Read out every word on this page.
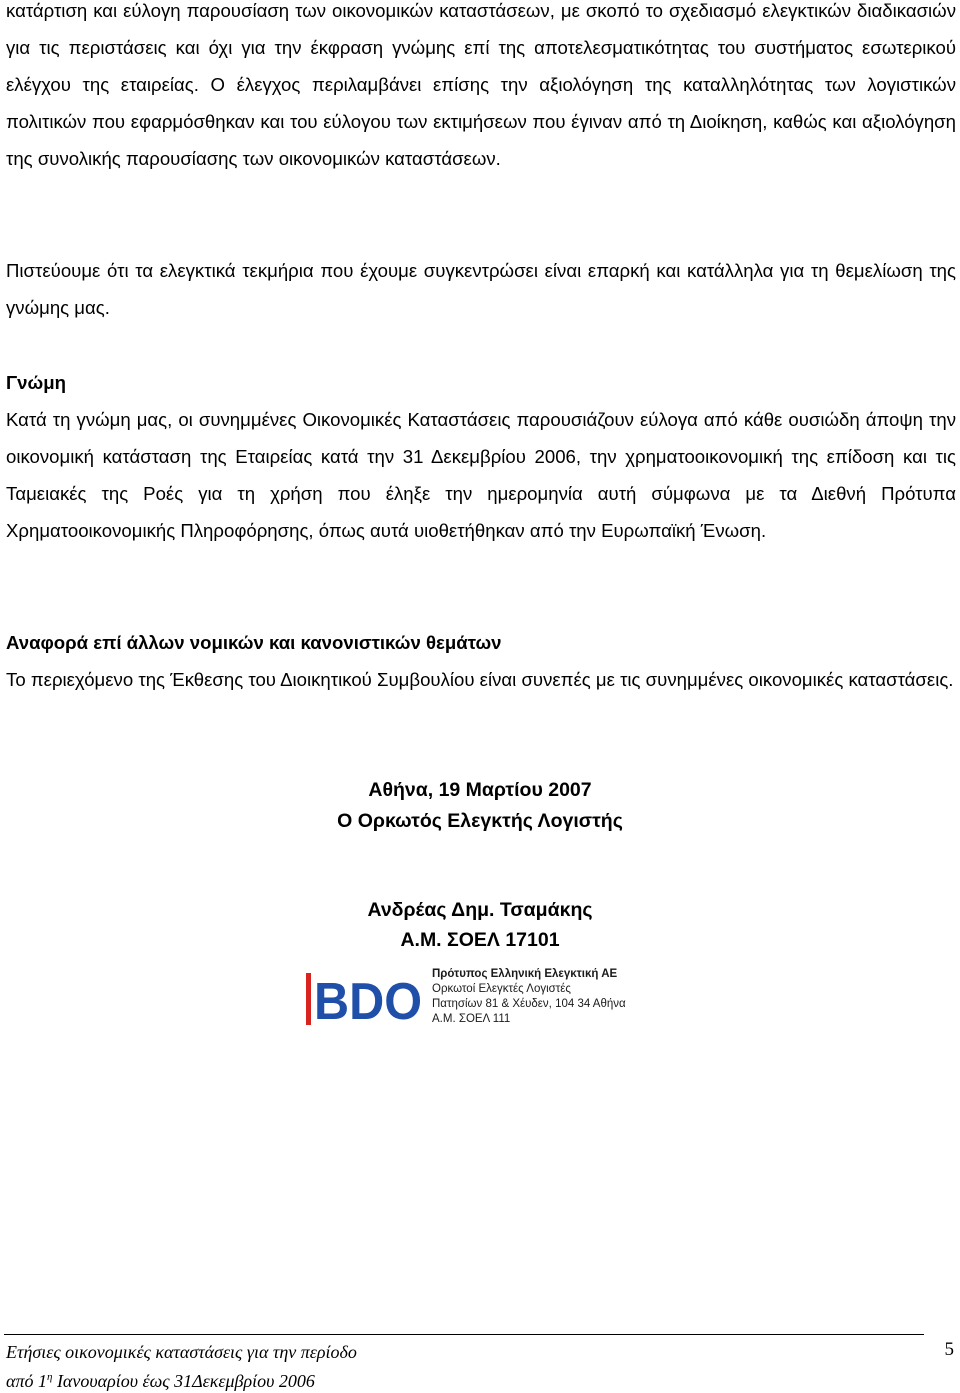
κατάρτιση και εύλογη παρουσίαση των οικονομικών καταστάσεων, με σκοπό το σχεδιασμό ελεγκτικών διαδικασιών για τις περιστάσεις και όχι για την έκφραση γνώμης επί της αποτελεσματικότητας του συστήματος εσωτερικού ελέγχου της εταιρείας. Ο έλεγχος περιλαμβάνει επίσης την αξιολόγηση της καταλληλότητας των λογιστικών πολιτικών που εφαρμόσθηκαν και του εύλογου των εκτιμήσεων που έγιναν από τη Διοίκηση, καθώς και αξιολόγηση της συνολικής παρουσίασης των οικονομικών καταστάσεων.

Πιστεύουμε ότι τα ελεγκτικά τεκμήρια που έχουμε συγκεντρώσει είναι επαρκή και κατάλληλα για τη θεμελίωση της γνώμης μας.

Γνώμη

Κατά τη γνώμη μας, οι συνημμένες Οικονομικές Καταστάσεις παρουσιάζουν εύλογα από κάθε ουσιώδη άποψη την οικονομική κατάσταση της Εταιρείας κατά την 31 Δεκεμβρίου 2006, την χρηματοοικονομική της επίδοση και τις Ταμειακές της Ροές για τη χρήση που έληξε την ημερομηνία αυτή σύμφωνα με τα Διεθνή Πρότυπα Χρηματοοικονομικής Πληροφόρησης, όπως αυτά υιοθετήθηκαν από την Ευρωπαϊκή Ένωση.

Αναφορά επί άλλων νομικών και κανονιστικών θεμάτων

Το περιεχόμενο της Έκθεσης του Διοικητικού Συμβουλίου είναι συνεπές με τις συνημμένες οικονομικές καταστάσεις.

Αθήνα, 19 Μαρτίου 2007
Ο Ορκωτός Ελεγκτής Λογιστής
Ανδρέας Δημ. Τσαμάκης
Α.Μ. ΣΟΕΛ 17101
BDO Πρότυπος Ελληνική Ελεγκτική ΑΕ
Ορκωτοί Ελεγκτές Λογιστές
Πατησίων 81 & Χέυδεν, 104 34 Αθήνα
Α.Μ. ΣΟΕΛ 111
Ετήσιες οικονομικές καταστάσεις για την περίοδο
από $1^\eta$ Ιανουαρίου έως 31Δεκεμβρίου 2006
5
